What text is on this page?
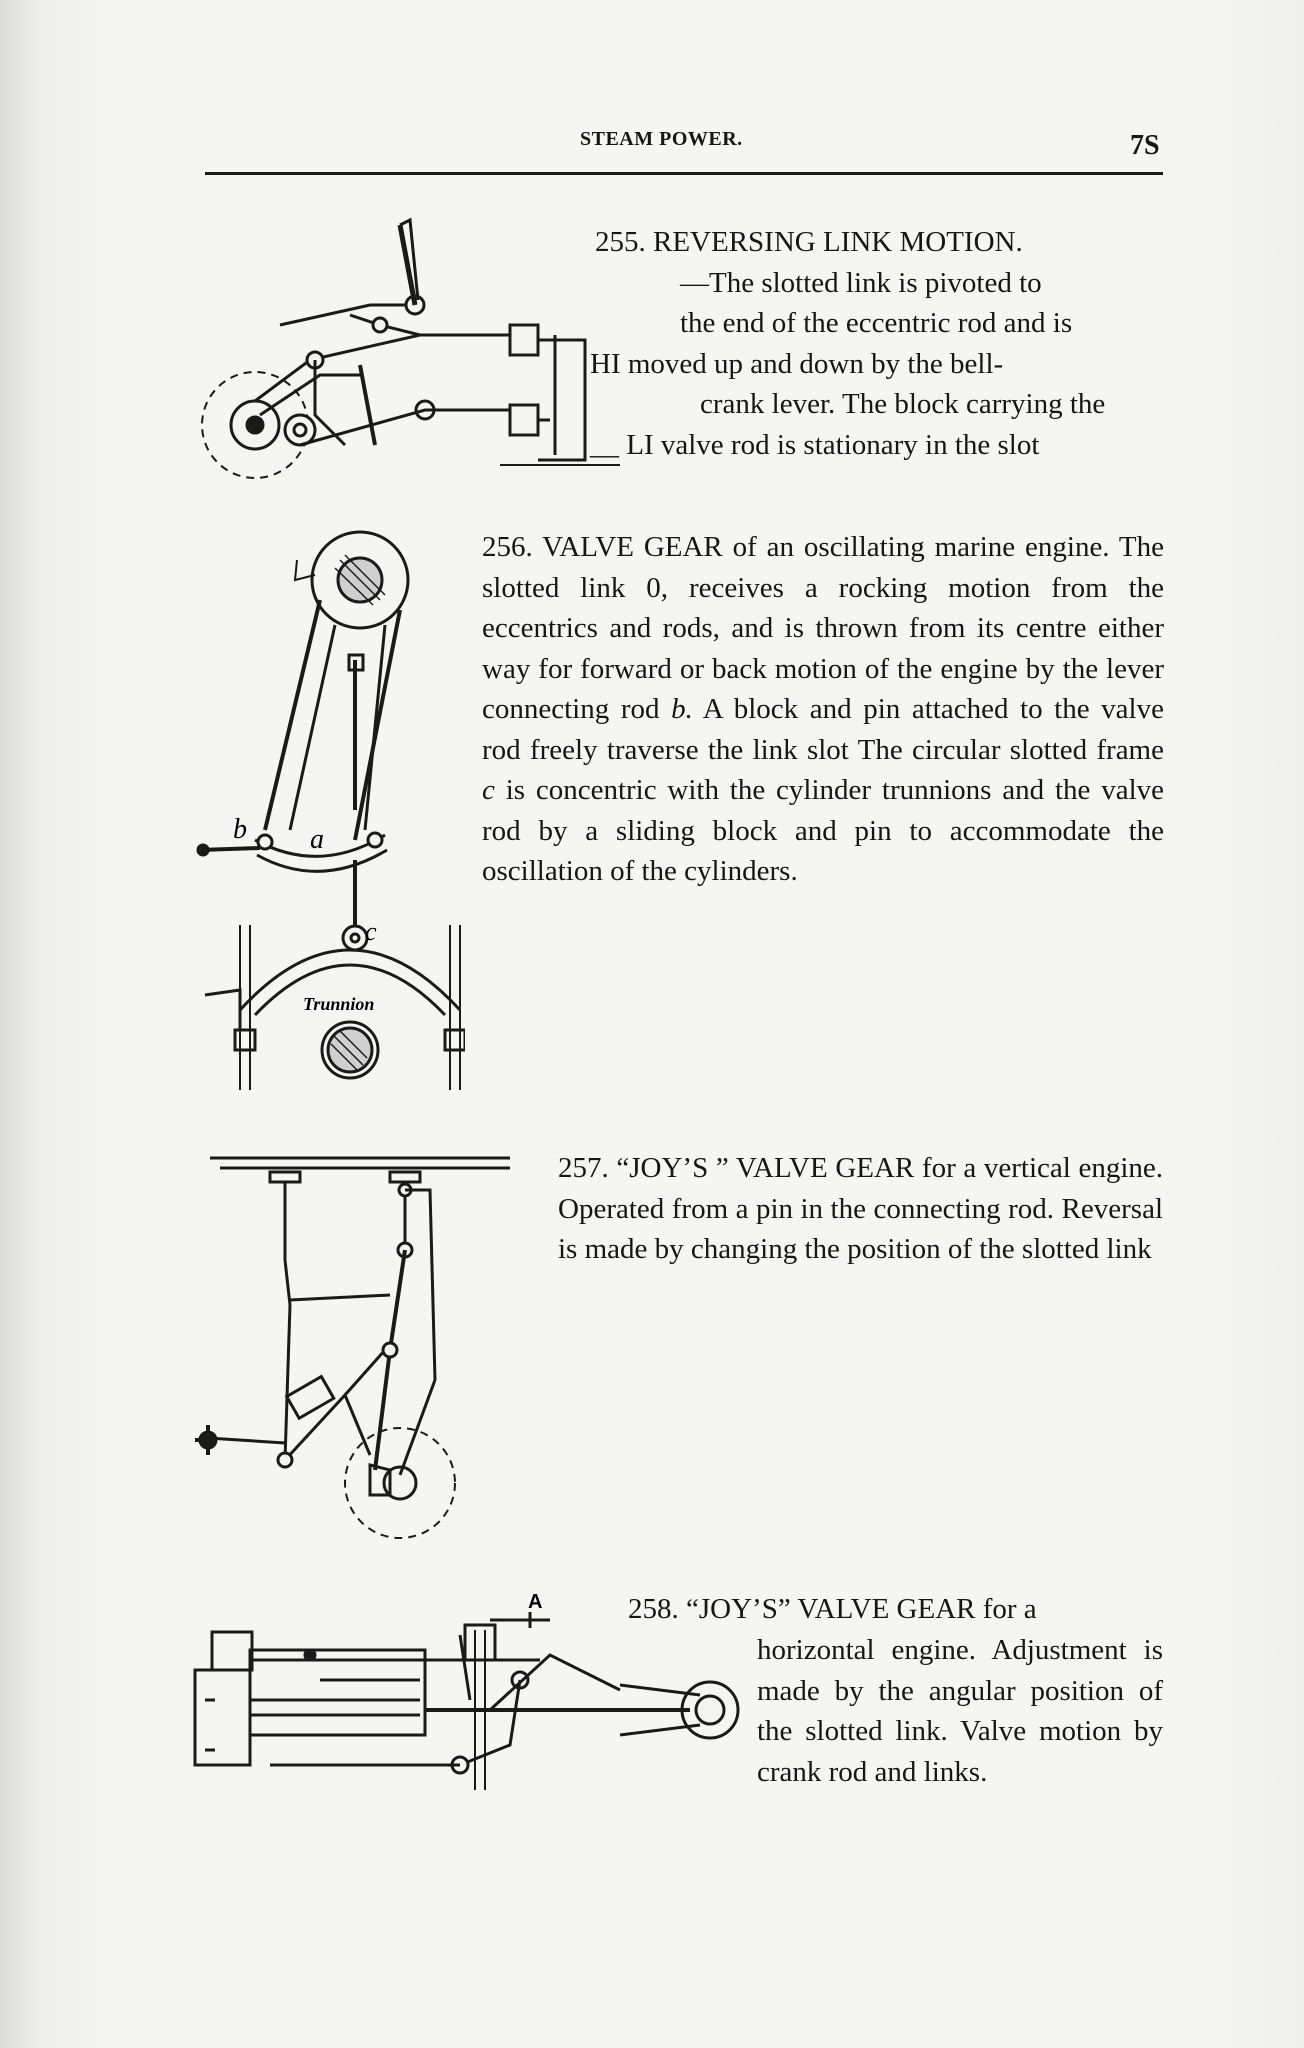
STEAM POWER.	7S
255. REVERSING LINK MOTION.
—The slotted link is pivoted to
the end of the eccentric rod and is
HI moved up and down by the bell-
crank lever. The block carrying the
__ LI valve rod is stationary in the slot
b a
c
Trunnion

256. VALVE GEAR of an oscillating marine engine. The slotted link 0, receives a rocking motion from the eccentrics and rods, and is thrown from its centre either way for forward or back motion of the engine by the lever connecting rod b. A block and pin attached to the valve rod freely traverse the link slot The circular slotted frame c is concentric with the cylinder trunnions and the valve rod by a sliding block and pin to accommodate the oscillation of the cylinders.

257. “JOY’S ” VALVE GEAR for a vertical engine. Operated from a pin in the connecting rod. Reversal is made by changing the position of the slotted link

A	258. “JOY’S” VALVE GEAR for a

horizontal engine. Adjustment is made by the angular position of the slotted link. Valve motion by crank rod and links.
